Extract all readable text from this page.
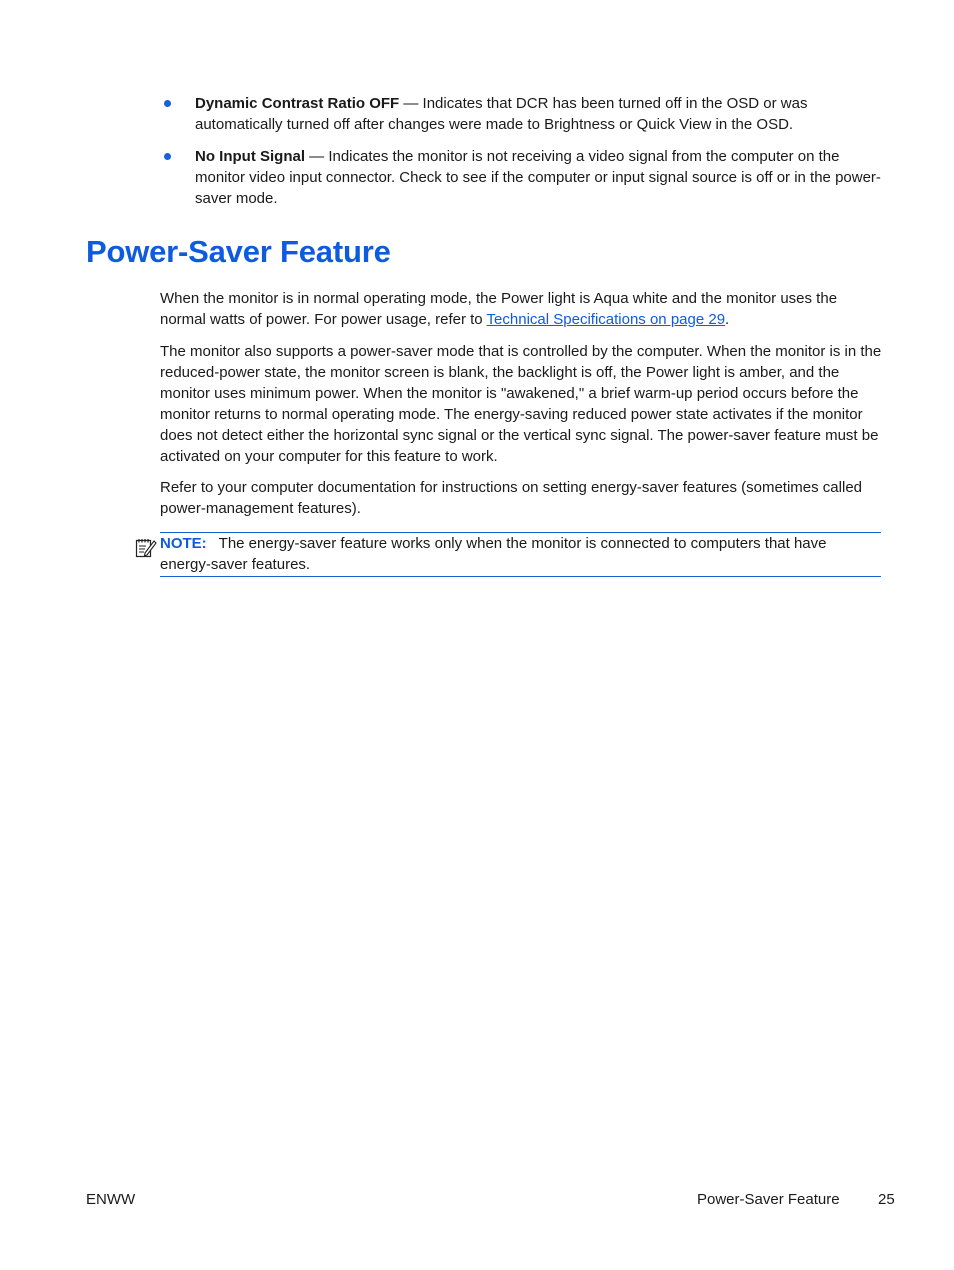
Dynamic Contrast Ratio OFF — Indicates that DCR has been turned off in the OSD or was automatically turned off after changes were made to Brightness or Quick View in the OSD.
No Input Signal — Indicates the monitor is not receiving a video signal from the computer on the monitor video input connector. Check to see if the computer or input signal source is off or in the power-saver mode.
Power-Saver Feature

When the monitor is in normal operating mode, the Power light is Aqua white and the monitor uses the normal watts of power. For power usage, refer to Technical Specifications on page 29.

The monitor also supports a power-saver mode that is controlled by the computer. When the monitor is in the reduced-power state, the monitor screen is blank, the backlight is off, the Power light is amber, and the monitor uses minimum power. When the monitor is "awakened," a brief warm-up period occurs before the monitor returns to normal operating mode. The energy-saving reduced power state activates if the monitor does not detect either the horizontal sync signal or the vertical sync signal. The power-saver feature must be activated on your computer for this feature to work.

Refer to your computer documentation for instructions on setting energy-saver features (sometimes called power-management features).

NOTE: The energy-saver feature works only when the monitor is connected to computers that have energy-saver features.

ENWW	Power-Saver Feature	25
